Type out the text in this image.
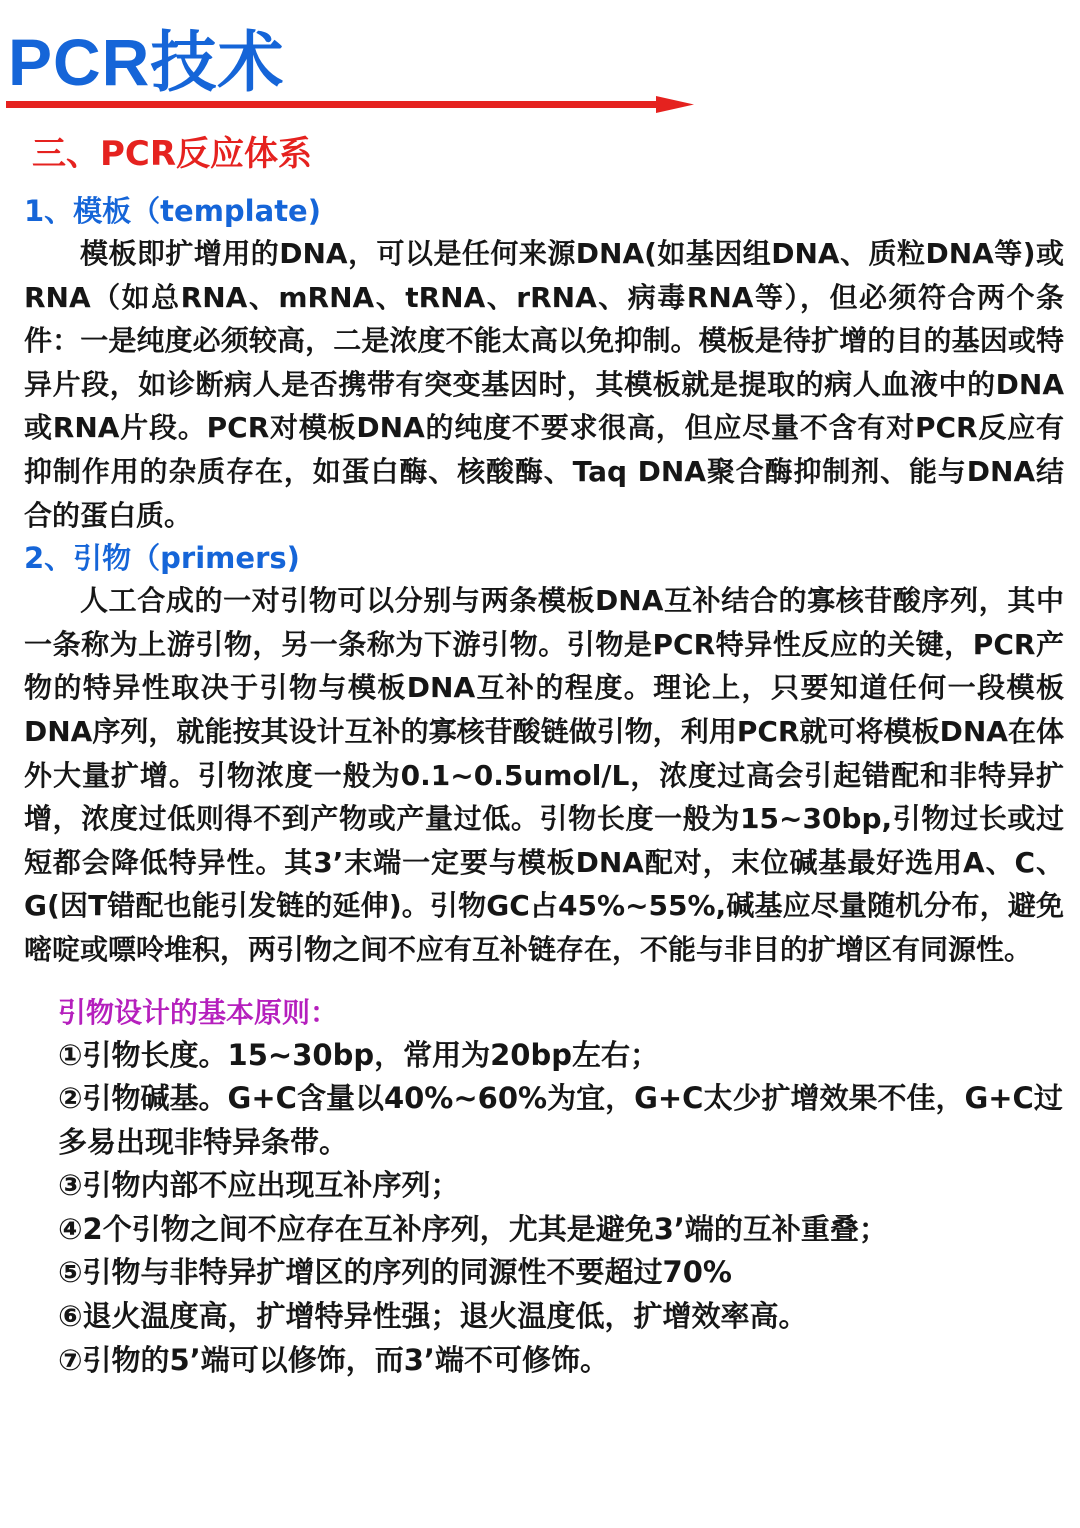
PCR技术
三、PCR反应体系
1、模板（template)

模板即扩增用的DNA，可以是任何来源DNA(如基因组DNA、质粒DNA等)或RNA（如总RNA、mRNA、tRNA、rRNA、病毒RNA等），但必须符合两个条件：一是纯度必须较高，二是浓度不能太高以免抑制。模板是待扩增的目的基因或特异片段，如诊断病人是否携带有突变基因时，其模板就是提取的病人血液中的DNA或RNA片段。PCR对模板DNA的纯度不要求很高，但应尽量不含有对PCR反应有抑制作用的杂质存在，如蛋白酶、核酸酶、Taq DNA聚合酶抑制剂、能与DNA结合的蛋白质。

2、引物（primers)

人工合成的一对引物可以分别与两条模板DNA互补结合的寡核苷酸序列，其中一条称为上游引物，另一条称为下游引物。引物是PCR特异性反应的关键，PCR产物的特异性取决于引物与模板DNA互补的程度。理论上，只要知道任何一段模板DNA序列，就能按其设计互补的寡核苷酸链做引物，利用PCR就可将模板DNA在体外大量扩增。引物浓度一般为0.1~0.5umol/L，浓度过高会引起错配和非特异扩增，浓度过低则得不到产物或产量过低。引物长度一般为15~30bp,引物过长或过短都会降低特异性。其3’末端一定要与模板DNA配对，末位碱基最好选用A、C、G(因T错配也能引发链的延伸)。引物GC占45%~55%,碱基应尽量随机分布，避免嘧啶或嘌呤堆积，两引物之间不应有互补链存在，不能与非目的扩增区有同源性。

引物设计的基本原则：

①引物长度。15~30bp，常用为20bp左右；

②引物碱基。G+C含量以40%~60%为宜，G+C太少扩增效果不佳，G+C过多易出现非特异条带。

③引物内部不应出现互补序列；

④2个引物之间不应存在互补序列，尤其是避免3’端的互补重叠；

⑤引物与非特异扩增区的序列的同源性不要超过70%

⑥退火温度高，扩增特异性强；退火温度低，扩增效率高。

⑦引物的5’端可以修饰，而3’端不可修饰。
